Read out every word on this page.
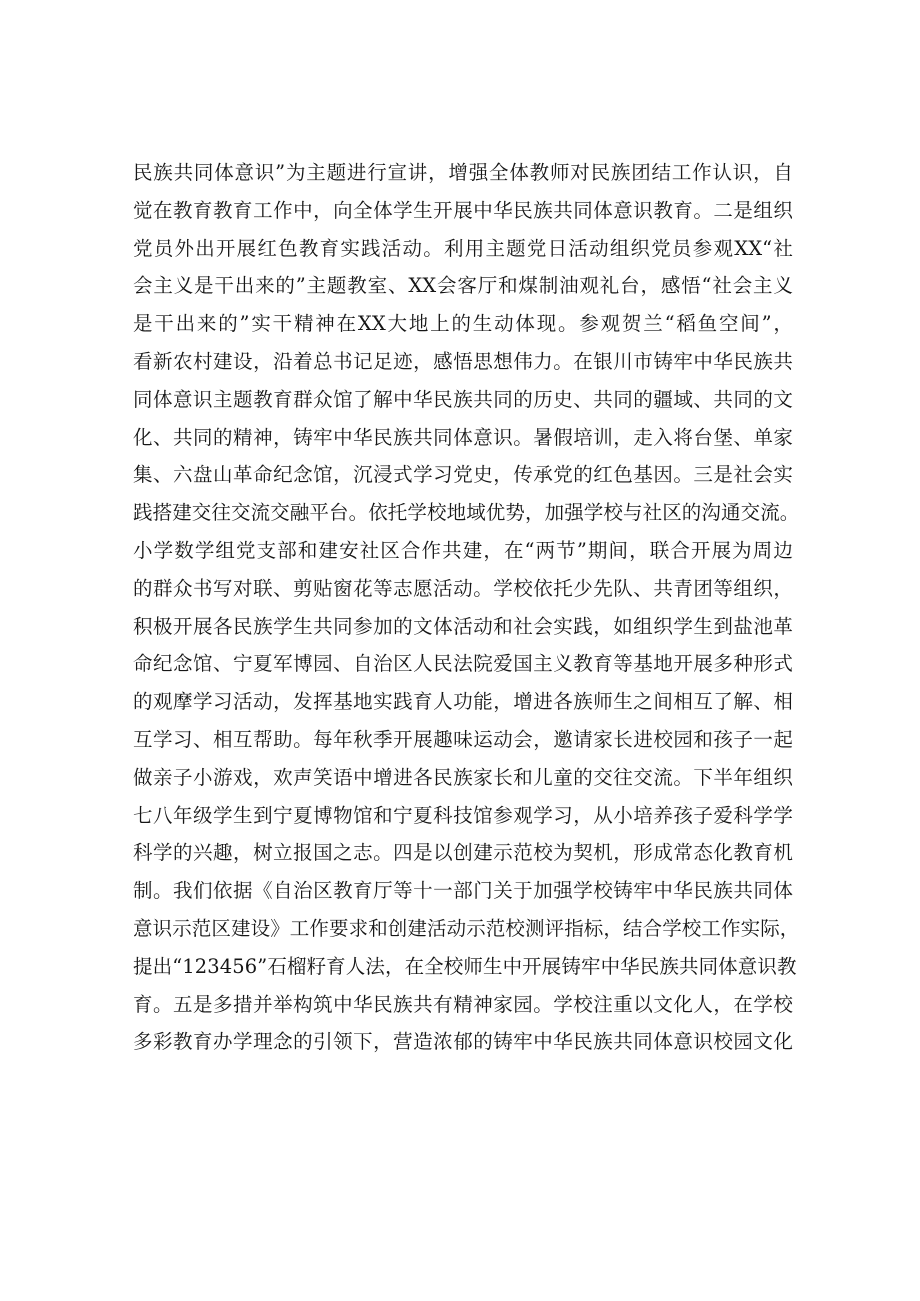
民族共同体意识”为主题进行宣讲，增强全体教师对民族团结工作认识，自
觉在教育教育工作中，向全体学生开展中华民族共同体意识教育。二是组织
党员外出开展红色教育实践活动。利用主题党日活动组织党员参观XX“社
会主义是干出来的”主题教室、XX会客厅和煤制油观礼台，感悟“社会主义
是干出来的”实干精神在XX大地上的生动体现。参观贺兰“稻鱼空间”，
看新农村建设，沿着总书记足迹，感悟思想伟力。在银川市铸牢中华民族共
同体意识主题教育群众馆了解中华民族共同的历史、共同的疆域、共同的文
化、共同的精神，铸牢中华民族共同体意识。暑假培训，走入将台堡、单家
集、六盘山革命纪念馆，沉浸式学习党史，传承党的红色基因。三是社会实
践搭建交往交流交融平台。依托学校地域优势，加强学校与社区的沟通交流。
小学数学组党支部和建安社区合作共建，在“两节”期间，联合开展为周边
的群众书写对联、剪贴窗花等志愿活动。学校依托少先队、共青团等组织，
积极开展各民族学生共同参加的文体活动和社会实践，如组织学生到盐池革
命纪念馆、宁夏军博园、自治区人民法院爱国主义教育等基地开展多种形式
的观摩学习活动，发挥基地实践育人功能，增进各族师生之间相互了解、相
互学习、相互帮助。每年秋季开展趣味运动会，邀请家长进校园和孩子一起
做亲子小游戏，欢声笑语中增进各民族家长和儿童的交往交流。下半年组织
七八年级学生到宁夏博物馆和宁夏科技馆参观学习，从小培养孩子爱科学学
科学的兴趣，树立报国之志。四是以创建示范校为契机，形成常态化教育机
制。我们依据《自治区教育厅等十一部门关于加强学校铸牢中华民族共同体
意识示范区建设》工作要求和创建活动示范校测评指标，结合学校工作实际，
提出“123456”石榴籽育人法，在全校师生中开展铸牢中华民族共同体意识教
育。五是多措并举构筑中华民族共有精神家园。学校注重以文化人，在学校
多彩教育办学理念的引领下，营造浓郁的铸牢中华民族共同体意识校园文化
